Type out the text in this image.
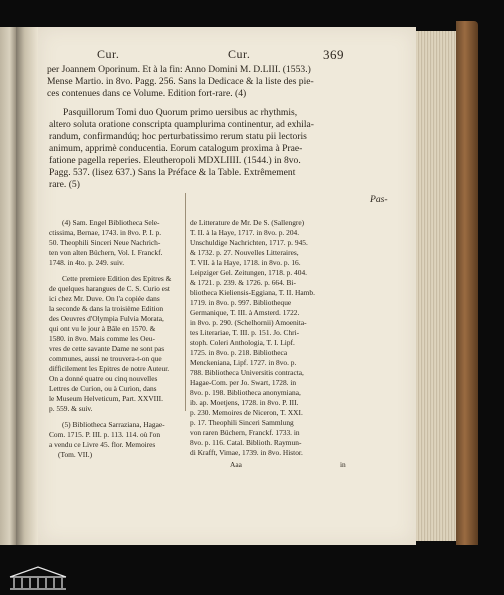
Cur.	Cur.	369
per Joannem Oporinum. Et à la fin: Anno Domini M. D.LIII. (1553.)
Mense Martio. in 8vo. Pagg. 256. Sans la Dedicace & la liste des pie-
ces contenues dans ce Volume. Edition fort-rare. (4)
Pasquillorum Tomi duo Quorum primo uersibus ac rhythmis,
altero soluta oratione conscripta quamplurima continentur, ad exhila-
randum, confirmandúq; hoc perturbatissimo rerum statu pii lectoris
animum, apprimè conducentia. Eorum catalogum proxima à Prae-
fatione pagella reperies. Eleutheropoli MDXLIIII. (1544.) in 8vo.
Pagg. 537. (lisez 637.) Sans la Préface & la Table. Extrêmement
rare. (5)
Pas-
(4) Sam. Engel Bibliotheca Sele-
ctissima, Bernae, 1743. in 8vo. P. I. p.
50. Theophili Sinceri Neue Nachrich-
ten von alten Büchern, Vol. I. Franckf.
1748. in 4to. p. 249. suiv.
Cette premiere Edition des Epitres &
de quelques harangues de C. S. Curio est
ici chez Mr. Duve. On l'a copiée dans
la seconde & dans la troisième Edition
des Oeuvres d'Olympia Fulvia Morata,
qui ont vu le jour à Bâle en 1570. &
1580. in 8vo. Mais comme les Oeu-
vres de cette savante Dame ne sont pas
communes, aussi ne trouvera-t-on que
difficilement les Epitres de notre Auteur.
On a donné quatre ou cinq nouvelles
Lettres de Curion, ou à Curion, dans
le Museum Helveticum, Part. XXVIII.
p. 559. & suiv.
(5) Bibliotheca Sarraziana, Hagae-
Com. 1715. P. III. p. 113. 114. où l'on
a vendu ce Livre 45. flor. Memoires
(Tom. VII.)
de Litterature de Mr. De S. (Sallengre)
T. II. à la Haye, 1717. in 8vo. p. 204.
Unschuldige Nachrichten, 1717. p. 945.
& 1732. p. 27. Nouvelles Litteraires,
T. VII. à la Haye, 1718. in 8vo. p. 16.
Leipziger Gel. Zeitungen, 1718. p. 404.
& 1721. p. 239. & 1726. p. 664. Bi-
bliotheca Kieliensis-Eggiana, T. II. Hamb.
1719. in 8vo. p. 997. Bibliotheque
Germanique, T. III. à Amsterd. 1722.
in 8vo. p. 290. (Schelhornii) Amoenita-
tes Literariae, T. III. p. 151. Jo. Chri-
stoph. Coleri Anthologia, T. I. Lipf.
1725. in 8vo. p. 218. Bibliotheca
Menckeniana, Lipf. 1727. in 8vo. p.
788. Bibliotheca Universitis contracta,
Hagae-Com. per Jo. Swart, 1728. in
8vo. p. 198. Bibliotheca anonymiana,
ib. ap. Moetjens, 1728. in 8vo. P. III.
p. 230. Memoires de Niceron, T. XXI.
p. 17. Theophili Sinceri Sammlung
von raren Büchern, Franckf. 1733. in
8vo. p. 116. Catal. Biblioth. Raymun-
di Krafft, Vimae, 1739. in 8vo. Histor.
Aaa	in
